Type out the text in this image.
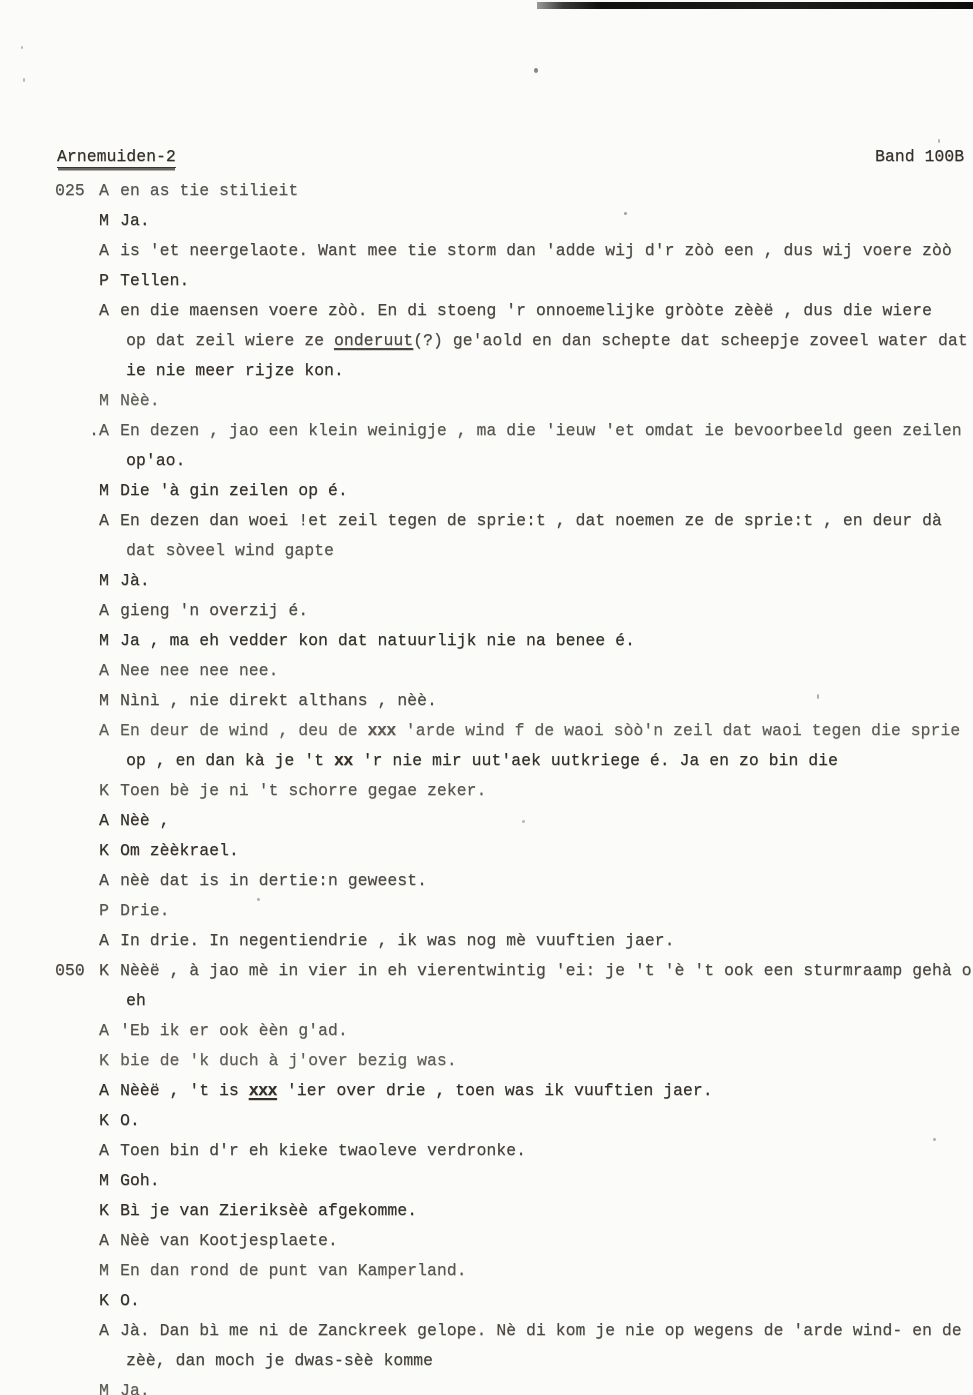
Arnemuiden-2	Band 100B
025 A en as tie stilieit
M Ja.
A is 'et neergelaote. Want mee tie storm dan 'adde wij d'r zòò een , dus wij voere zòò
P Tellen.
A en die maensen voere zòò. En di stoeng 'r onnoemelijke gròòte zèèë , dus die wiere
op dat zeil wiere ze onderuut(?) ge'aold en dan schepte dat scheepje zoveel water dat
ie nie meer rijze kon.
M Nèè.
. A En dezen , jao een klein weinigje , ma die 'ieuw 'et omdat ie bevoorbeeld geen zeilen
op'ao.
M Die 'à gin zeilen op é.
A En dezen dan woei !et zeil tegen de sprie:t , dat noemen ze de sprie:t , en deur dà
dat sòveel wind gapte
M Jà.
A gieng 'n overzij é.
M Ja , ma eh vedder kon dat natuurlijk nie na benee é.
A Nee nee nee nee.
M Nìnì , nie direkt althans , nèè.
A En deur de wind , deu de xxx 'arde wind f de waoi sòò'n zeil dat waoi tegen die sprie
op , en dan kà je 't xx 'r nie mir uut'aek uutkriege é. Ja en zo bin die
K Toen bè je ni 't schorre gegae zeker.
A Nèè ,
K Om zèèkrael.
A nèè dat is in dertie:n geweest.
P Drie.
A In drie. In negentiendrie , ik was nog mè vuuftien jaer.
050 K Nèèë , à jao mè in vier in eh vierentwintig 'ei: je 't 'è 't ook een sturmraamp gehà o
eh
A 'Eb ik er ook èèn g'ad.
K bie de 'k duch à j'over bezig was.
A Nèèë , 't is xxx 'ier over drie , toen was ik vuuftien jaer.
K O.
A Toen bin d'r eh kieke twaoleve verdronke.
M Goh.
K Bì je van Zieriksèè afgekomme.
A Nèè van Kootjesplaete.
M En dan rond de punt van Kamperland.
K O.
A Jà. Dan bì me ni de Zanckreek gelope. Nè di kom je nie op wegens de 'arde wind- en de
zèè, dan moch je dwas-sèè komme
M Ja.
